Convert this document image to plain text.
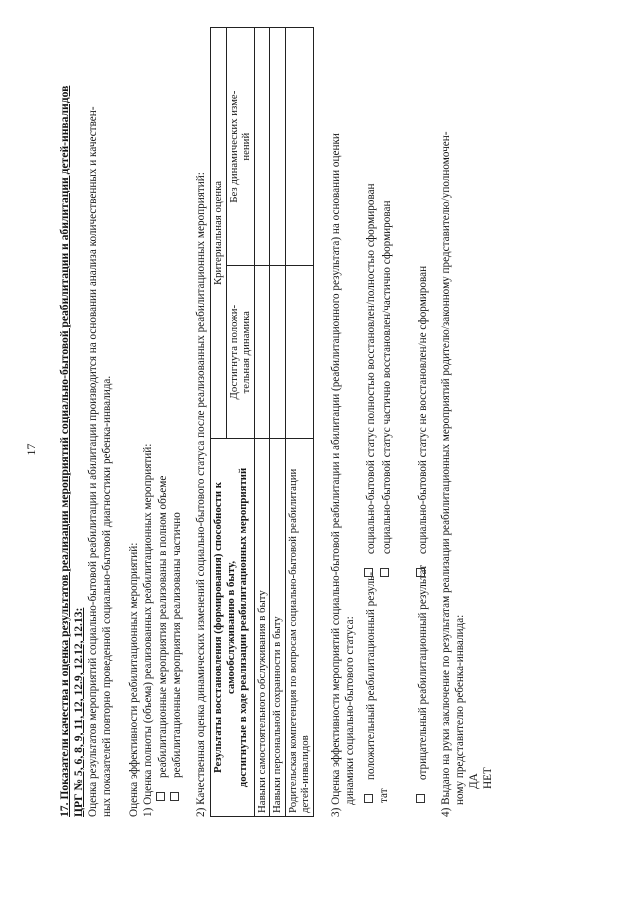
17 17. Показатели качества и оценка результатов реализации мероприятий социально-бытовой реабилитации и абилитации детей-инвалидов ЦРГ № 5, 6, 8, 9, 11, 12, 12.9, 12.12, 12.13: Оценка результатов мероприятий социально-бытовой реабилитации и абилитации производится на основании анализа количественных и качествен- ных показателей повторно проведенной социально-бытовой диагностики ребенка-инвалида. Оценка эффективности реабилитационных мероприятий: 1) Оценка полноты (объема) реализованных реабилитационных мероприятий: реабилитационные мероприятия реализованы в полном объеме реабилитационные мероприятия реализованы частично 2) Качественная оценка динамических изменений социально-бытового статуса после реализованных реабилитационных мероприятий: Результаты восстановления (формирования) способности к самообслуживанию в быту, достигнутые в ходе реализации реабилитационных мероприятий	Критериальная оценка	

	Достигнута положи- тельная динамика	Без динамических изме- нений

Навыки самостоятельного обслуживания в быту		
Навыки персональной сохранности в быту		
Родительская компетенция по вопросам социально-бытовой реабилитации детей-инвалидов		3) Оценка эффективности мероприятий социально-бытовой реабилитации и абилитации (реабилитационного результата) на основании оценки динамики социально-бытового статуса: положительный реабилитационный резуль-
тат
социально-бытовой статус полностью восстановлен/полностью сформирован социально-бытовой статус частично восстановлен/частично сформирован
отрицательный реабилитационный результат
социально-бытовой статус не восстановлен/не сформирован 4) Выдано на руки заключение по результатам реализации реабилитационных мероприятий родителю/законному представителю/уполномочен- ному представителю ребенка-инвалида: ДА НЕТ
